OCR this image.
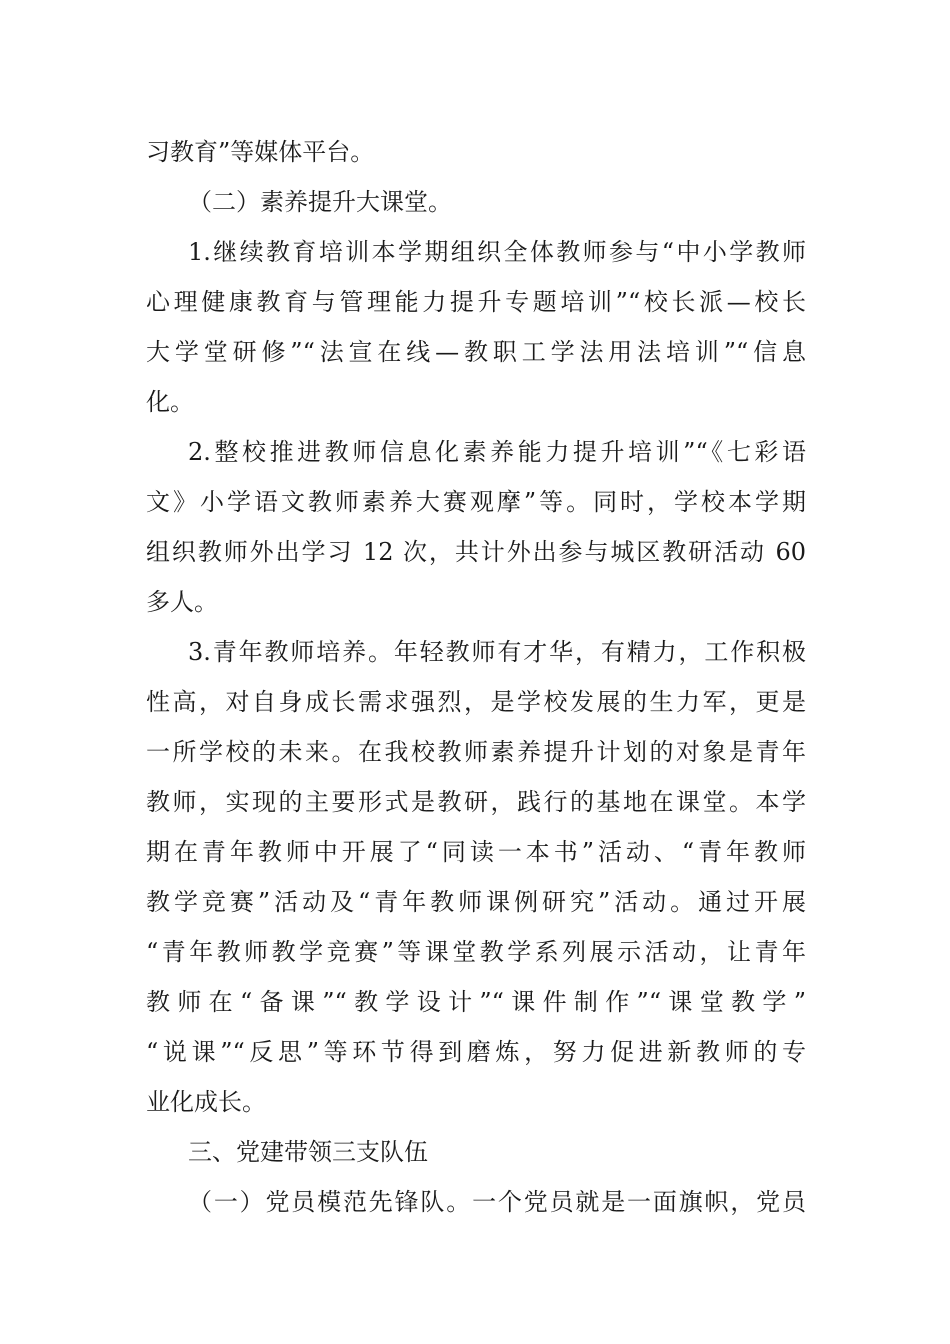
习教育”等媒体平台。
（二）素养提升大课堂。
1.继续教育培训本学期组织全体教师参与“中小学教师
心理健康教育与管理能力提升专题培训”“校长派—校长
大学堂研修”“法宣在线—教职工学法用法培训”“信息
化。
2.整校推进教师信息化素养能力提升培训”“《七彩语
文》小学语文教师素养大赛观摩”等。同时，学校本学期
组织教师外出学习 12 次，共计外出参与城区教研活动 60
多人。
3.青年教师培养。年轻教师有才华，有精力，工作积极
性高，对自身成长需求强烈，是学校发展的生力军，更是
一所学校的未来。在我校教师素养提升计划的对象是青年
教师，实现的主要形式是教研，践行的基地在课堂。本学
期在青年教师中开展了“同读一本书”活动、“青年教师
教学竞赛”活动及“青年教师课例研究”活动。通过开展
“青年教师教学竞赛”等课堂教学系列展示活动，让青年
教师在“备课”“教学设计”“课件制作”“课堂教学”
“说课”“反思”等环节得到磨炼，努力促进新教师的专
业化成长。
三、党建带领三支队伍
（一）党员模范先锋队。一个党员就是一面旗帜，党员
